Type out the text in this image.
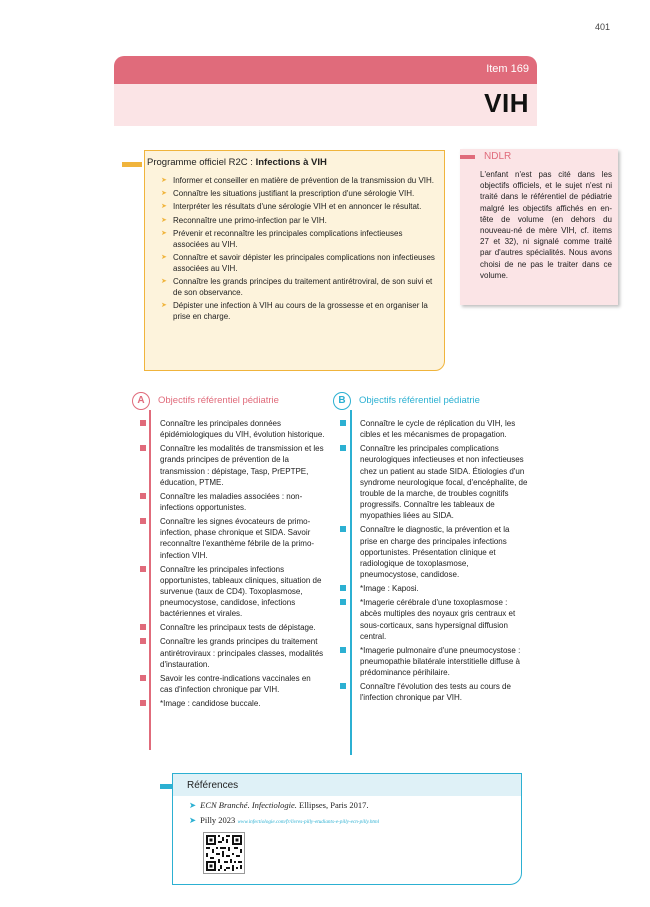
401
Item 169
VIH
Programme officiel R2C : Infections à VIH
➤ Informer et conseiller en matière de prévention de la transmission du VIH.
➤ Connaître les situations justifiant la prescription d'une sérologie VIH.
➤ Interpréter les résultats d'une sérologie VIH et en annoncer le résultat.
➤ Reconnaître une primo-infection par le VIH.
➤ Prévenir et reconnaître les principales complications infectieuses associées au VIH.
➤ Connaître et savoir dépister les principales complications non infectieuses associées au VIH.
➤ Connaître les grands principes du traitement antirétroviral, de son suivi et de son observance.
➤ Dépister une infection à VIH au cours de la grossesse et en organiser la prise en charge.
NDLR
L'enfant n'est pas cité dans les objectifs officiels, et le sujet n'est ni traité dans le référentiel de pédiatrie malgré les objectifs affichés en en-tête de volume (en dehors du nouveau-né de mère VIH, cf. items 27 et 32), ni signalé comme traité par d'autres spécialités. Nous avons choisi de ne pas le traiter dans ce volume.
A	Objectifs référentiel pédiatrie
Connaître les principales données épidémiologiques du VIH, évolution historique.
Connaître les modalités de transmission et les grands principes de prévention de la transmission : dépistage, Tasp, PrEPTPE, éducation, PTME.
Connaître les maladies associées : non-infections opportunistes.
Connaître les signes évocateurs de primo-infection, phase chronique et SIDA. Savoir reconnaître l'exanthème fébrile de la primo-infection VIH.
Connaître les principales infections opportunistes, tableaux cliniques, situation de survenue (taux de CD4). Toxoplasmose, pneumocystose, candidose, infections bactériennes et virales.
Connaître les principaux tests de dépistage.
Connaître les grands principes du traitement antirétroviraux : principales classes, modalités d'instauration.
Savoir les contre-indications vaccinales en cas d'infection chronique par VIH.
*Image : candidose buccale.
B	Objectifs référentiel pédiatrie
Connaître le cycle de réplication du VIH, les cibles et les mécanismes de propagation.
Connaître les principales complications neurologiques infectieuses et non infectieuses chez un patient au stade SIDA. Étiologies d'un syndrome neurologique focal, d'encéphalite, de trouble de la marche, de troubles cognitifs progressifs. Connaître les tableaux de myopathies liées au SIDA.
Connaître le diagnostic, la prévention et la prise en charge des principales infections opportunistes. Présentation clinique et radiologique de toxoplasmose, pneumocystose, candidose.
*Image : Kaposi.
*Imagerie cérébrale d'une toxoplasmose : abcès multiples des noyaux gris centraux et sous-corticaux, sans hypersignal diffusion central.
*Imagerie pulmonaire d'une pneumocystose : pneumopathie bilatérale interstitielle diffuse à prédominance périhilaire.
Connaître l'évolution des tests au cours de l'infection chronique par VIH.
Références
➤ ECN Branché. Infectiologie. Ellipses, Paris 2017.
➤ Pilly 2023 www.infectiologie.com/fr/livres-pilly-etudiants-e-pilly-ecn-pilly.html
